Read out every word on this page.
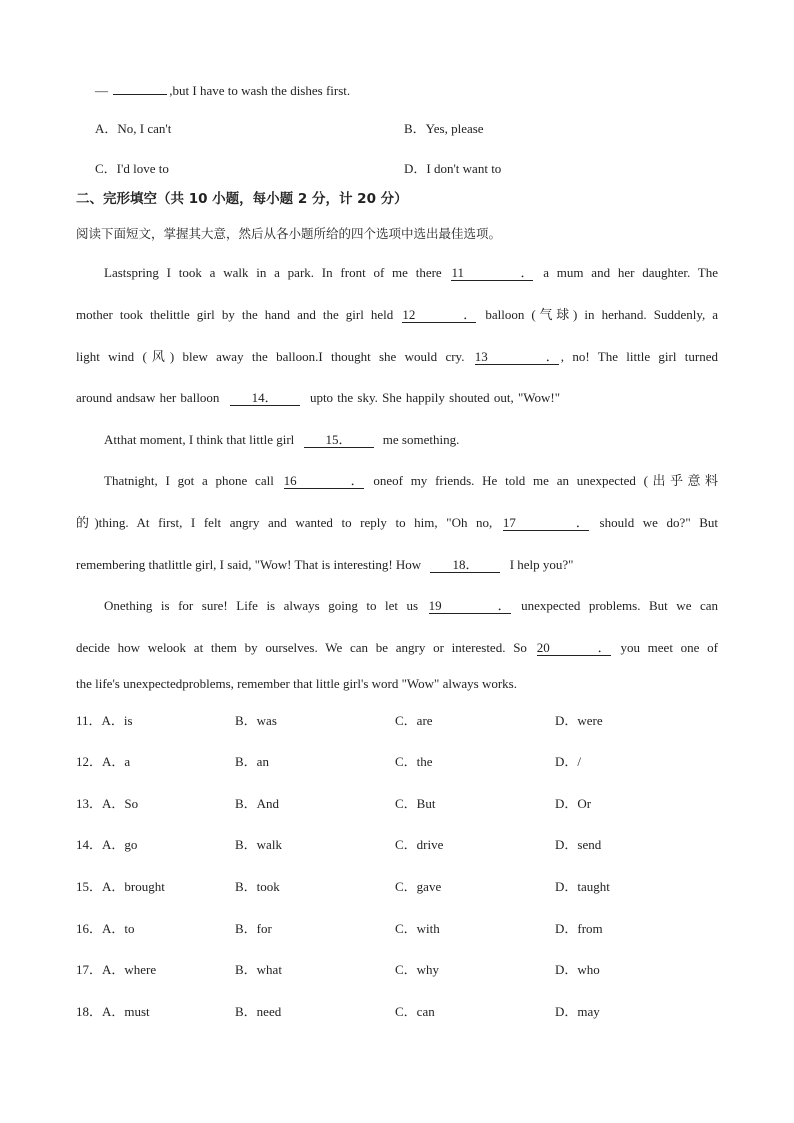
—	,but I have to wash the dishes first.
A．No, I can't	B．Yes, please
C．I'd love to	D．I don't want to
二、完形填空（共 10 小题，每小题 2 分，计 20 分）
阅读下面短文，掌握其大意，然后从各小题所给的四个选项中选出最佳选项。
Lastspring I took a walk in a park. In front of me there 11． a mum and her daughter. The
mother took thelittle girl by the hand and the girl held 12． balloon (气球) in herhand. Suddenly, a
light wind (风) blew away the balloon.I thought she would cry. 13． , no! The little girl turned
around andsaw her balloon 14． upto the sky. She happily shouted out, "Wow!"
Atthat moment, I think that little girl 15． me something.
Thatnight, I got a phone call 16． oneof my friends. He told me an unexpected (出乎意料
的)thing. At first, I felt angry and wanted to reply to him, "Oh no, 17． should we do?" But
remembering thatlittle girl, I said, "Wow! That is interesting! How 18． I help you?"
Onething is for sure! Life is always going to let us 19． unexpected problems. But we can
decide how welook at them by ourselves. We can be angry or interested. So 20． you meet one of
the life's unexpectedproblems, remember that little girl's word "Wow" always works.
11．A．is	B．was	C．are	D．were
12．A．a	B．an	C．the	D．/
13．A．So	B．And	C．But	D．Or
14．A．go	B．walk	C．drive	D．send
15．A．brought	B．took	C．gave	D．taught
16．A．to	B．for	C．with	D．from
17．A．where	B．what	C．why	D．who
18．A．must	B．need	C．can	D．may
